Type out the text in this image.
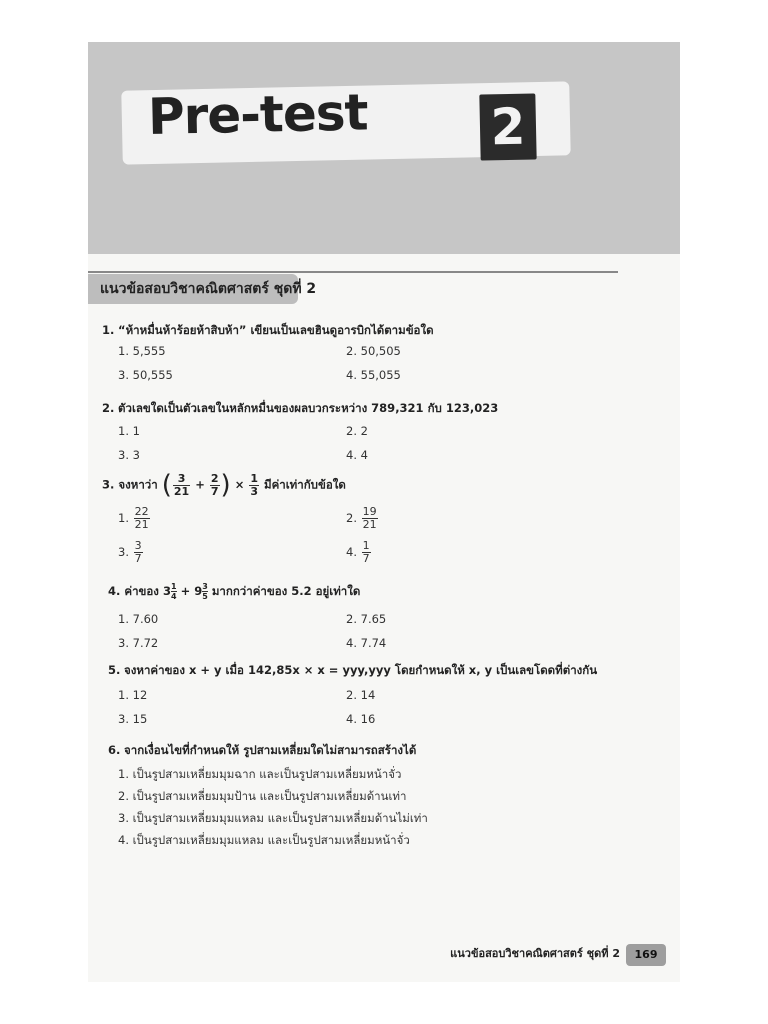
Pre-test 2
แนวข้อสอบวิชาคณิตศาสตร์ ชุดที่ 2
1. “ห้าหมื่นห้าร้อยห้าสิบห้า” เขียนเป็นเลขฮินดูอารบิกได้ตามข้อใด
1. 5,555	2. 50,505
3. 50,555	4. 55,055
2. ตัวเลขใดเป็นตัวเลขในหลักหมื่นของผลบวกระหว่าง 789,321 กับ 123,023
1. 1	2. 2
3. 3	4. 4
3. จงหาว่า ( $\frac{3}{21} + \frac{2}{7}$ ) × $\frac{1}{3}$ มีค่าเท่ากับข้อใด
1. $\frac{22}{21}$	2. $\frac{19}{21}$
3. $\frac{3}{7}$	4. $\frac{1}{7}$
4. ค่าของ $3 \frac{1}{4} + 9 \frac{3}{5}$ มากกว่าค่าของ 5.2 อยู่เท่าใด
1. 7.60	2. 7.65
3. 7.72	4. 7.74
5. จงหาค่าของ x + y เมื่อ 142,85x × x = yyy,yyy โดยกำหนดให้ x, y เป็นเลขโดดที่ต่างกัน
1. 12	2. 14
3. 15	4. 16
6. จากเงื่อนไขที่กำหนดให้ รูปสามเหลี่ยมใดไม่สามารถสร้างได้
1. เป็นรูปสามเหลี่ยมมุมฉาก และเป็นรูปสามเหลี่ยมหน้าจั่ว
2. เป็นรูปสามเหลี่ยมมุมป้าน และเป็นรูปสามเหลี่ยมด้านเท่า
3. เป็นรูปสามเหลี่ยมมุมแหลม และเป็นรูปสามเหลี่ยมด้านไม่เท่า
4. เป็นรูปสามเหลี่ยมมุมแหลม และเป็นรูปสามเหลี่ยมหน้าจั่ว
แนวข้อสอบวิชาคณิตศาสตร์ ชุดที่ 2	169
